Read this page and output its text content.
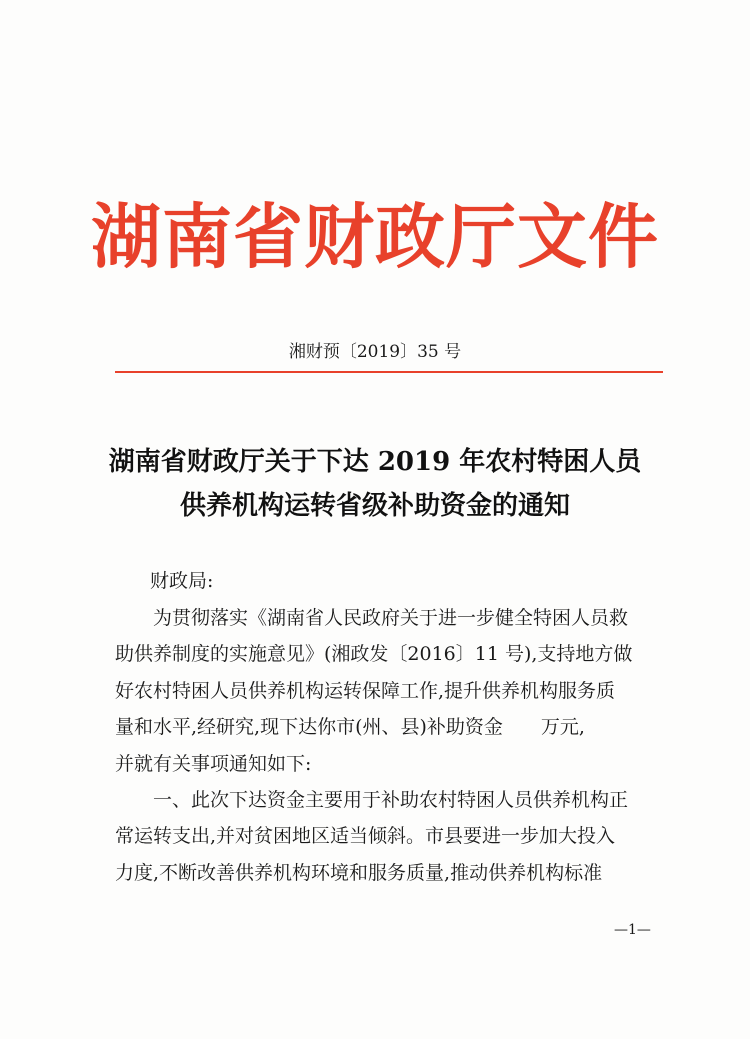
湖南省财政厅文件
湘财预〔2019〕35 号
湖南省财政厅关于下达 2019 年农村特困人员
供养机构运转省级补助资金的通知
财政局:
　　为贯彻落实《湖南省人民政府关于进一步健全特困人员救
助供养制度的实施意见》(湘政发〔2016〕11 号),支持地方做
好农村特困人员供养机构运转保障工作,提升供养机构服务质
量和水平,经研究,现下达你市(州、县)补助资金　　万元,
并就有关事项通知如下:
　　一、此次下达资金主要用于补助农村特困人员供养机构正
常运转支出,并对贫困地区适当倾斜。市县要进一步加大投入
力度,不断改善供养机构环境和服务质量,推动供养机构标准
—1—
